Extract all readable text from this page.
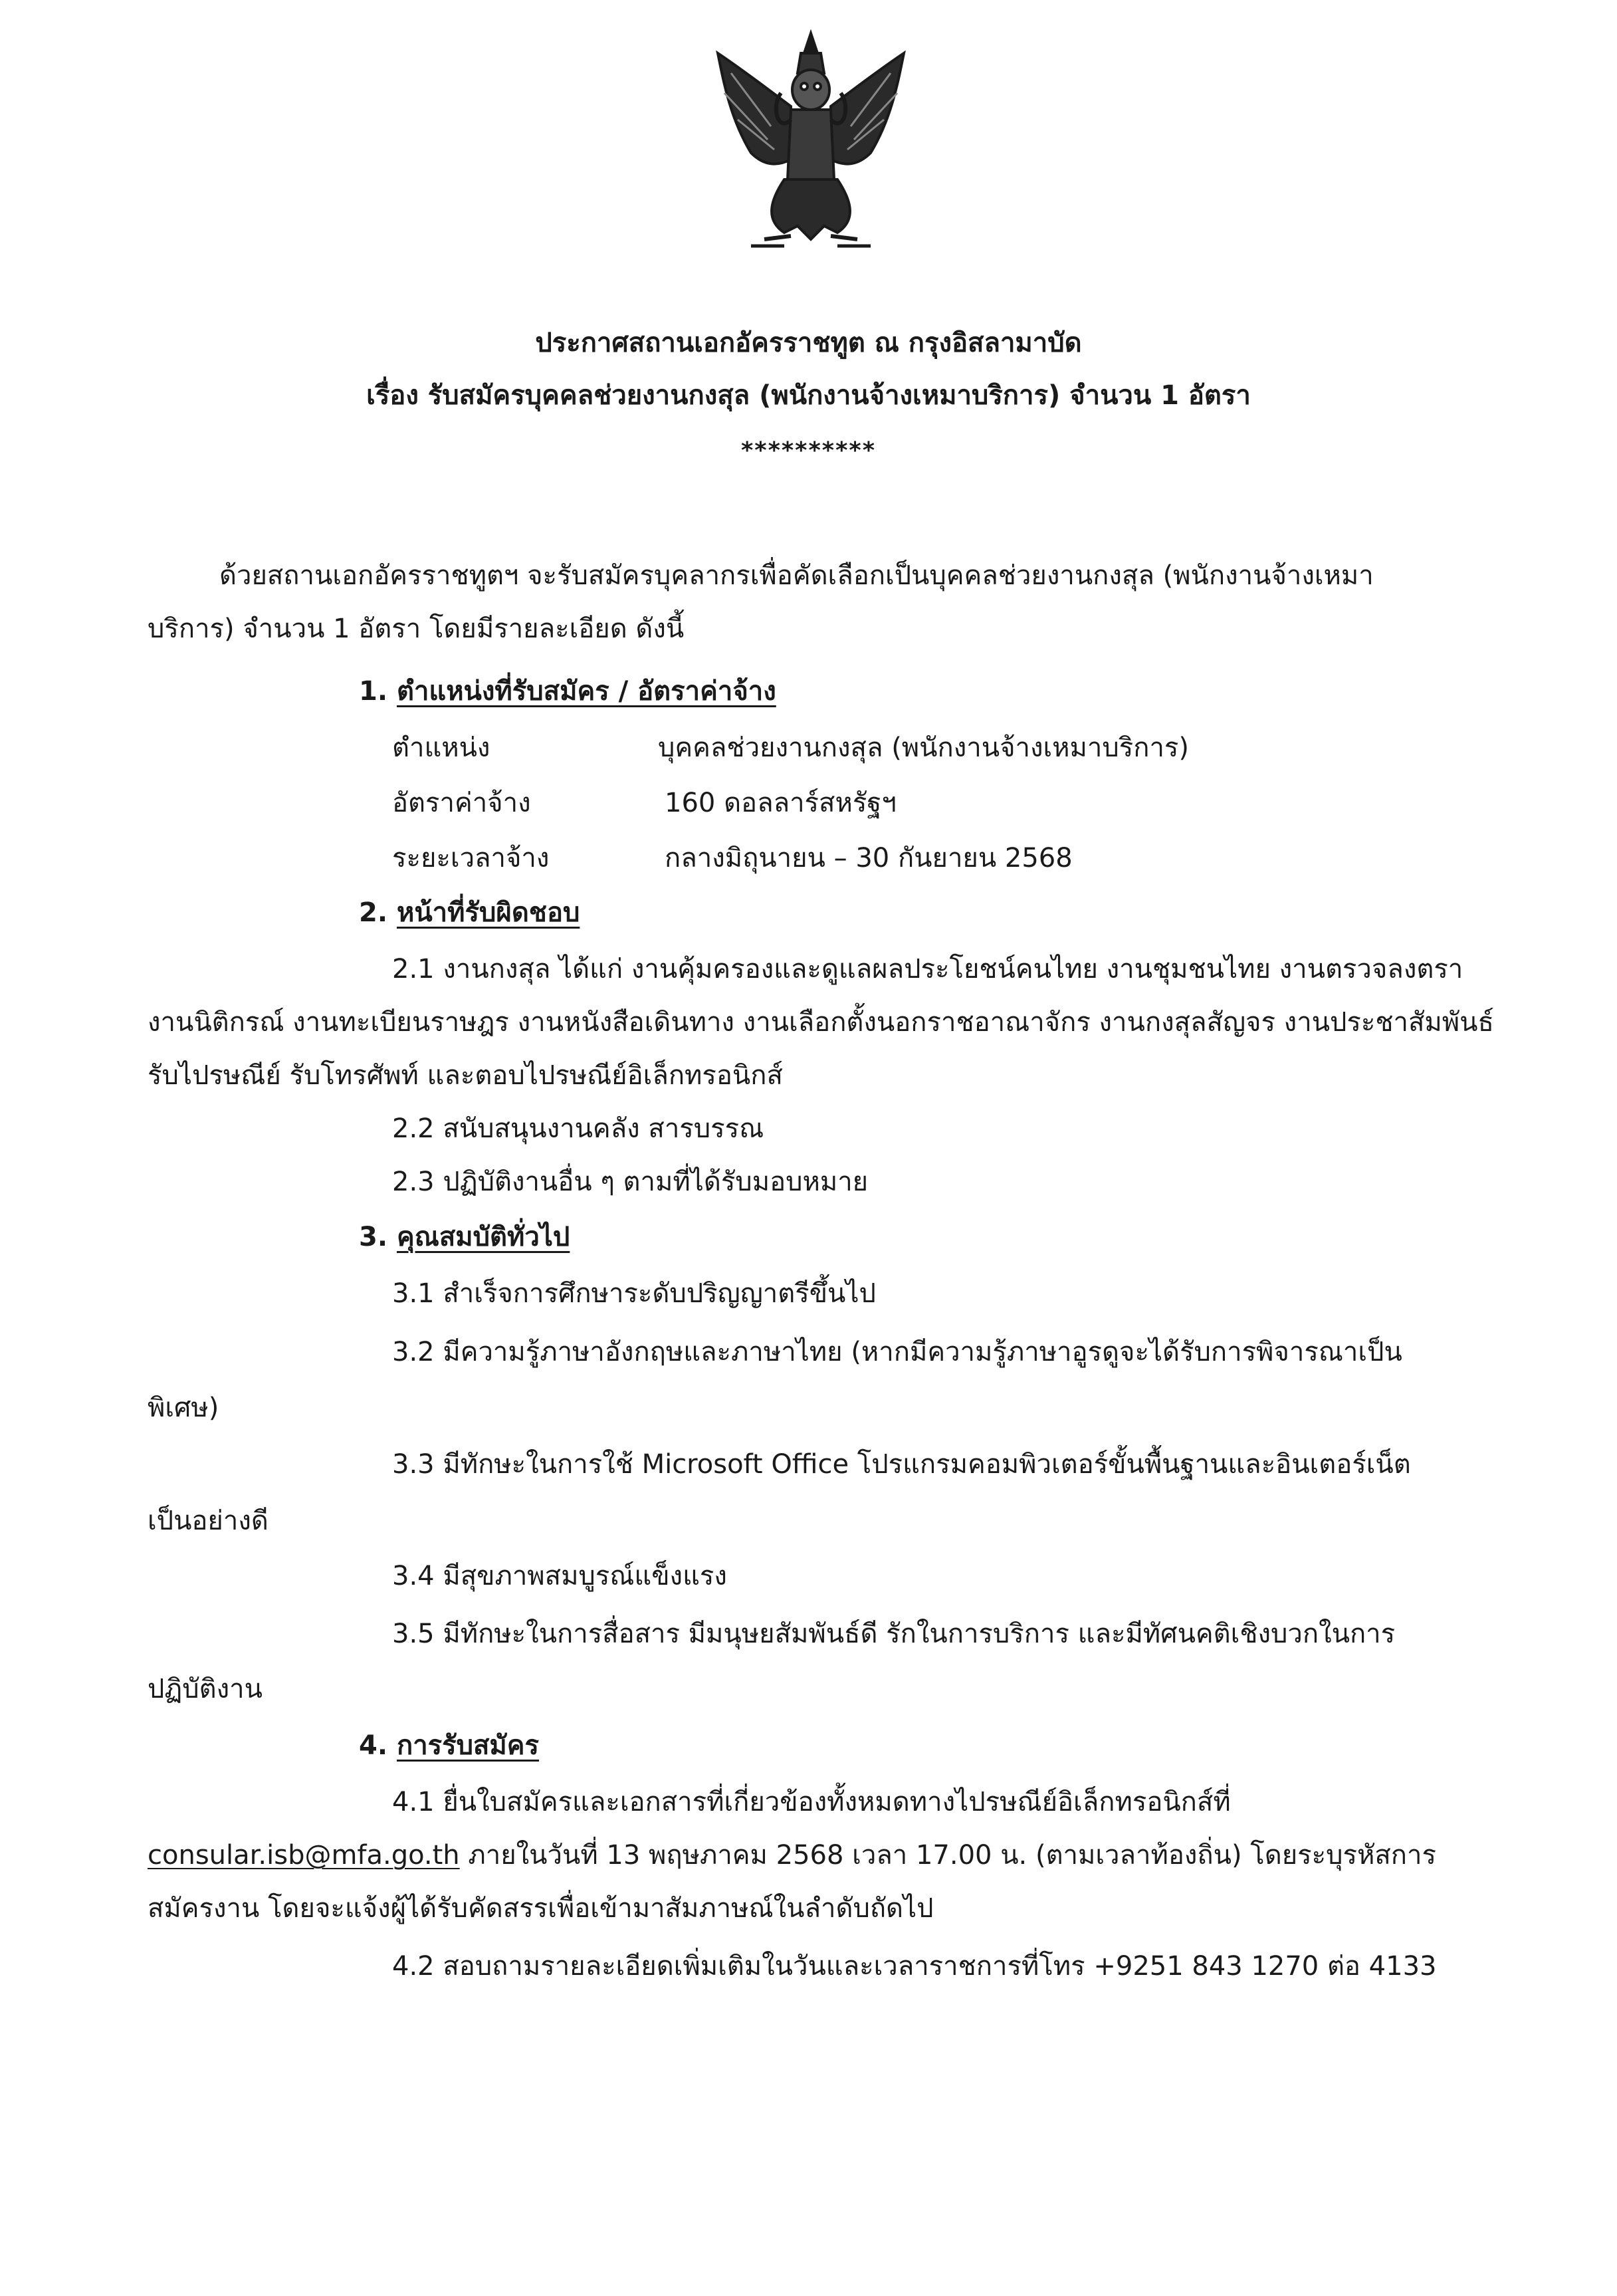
ประกาศสถานเอกอัครราชทูต ณ กรุงอิสลามาบัด
เรื่อง รับสมัครบุคคลช่วยงานกงสุล (พนักงานจ้างเหมาบริการ) จำนวน 1 อัตรา
**********
ด้วยสถานเอกอัครราชทูตฯ จะรับสมัครบุคลากรเพื่อคัดเลือกเป็นบุคคลช่วยงานกงสุล (พนักงานจ้างเหมา
บริการ) จำนวน 1 อัตรา โดยมีรายละเอียด ดังนี้
1. ตำแหน่งที่รับสมัคร / อัตราค่าจ้าง
ตำแหน่ง	บุคคลช่วยงานกงสุล (พนักงานจ้างเหมาบริการ)
อัตราค่าจ้าง	160 ดอลลาร์สหรัฐฯ
ระยะเวลาจ้าง	กลางมิถุนายน – 30 กันยายน 2568
2. หน้าที่รับผิดชอบ
2.1 งานกงสุล ได้แก่ งานคุ้มครองและดูแลผลประโยชน์คนไทย งานชุมชนไทย งานตรวจลงตรา
งานนิติกรณ์ งานทะเบียนราษฎร งานหนังสือเดินทาง งานเลือกตั้งนอกราชอาณาจักร งานกงสุลสัญจร งานประชาสัมพันธ์
รับไปรษณีย์ รับโทรศัพท์ และตอบไปรษณีย์อิเล็กทรอนิกส์
2.2 สนับสนุนงานคลัง สารบรรณ
2.3 ปฏิบัติงานอื่น ๆ ตามที่ได้รับมอบหมาย
3. คุณสมบัติทั่วไป
3.1 สำเร็จการศึกษาระดับปริญญาตรีขึ้นไป
3.2 มีความรู้ภาษาอังกฤษและภาษาไทย (หากมีความรู้ภาษาอูรดูจะได้รับการพิจารณาเป็น
พิเศษ)
3.3 มีทักษะในการใช้ Microsoft Office โปรแกรมคอมพิวเตอร์ขั้นพื้นฐานและอินเตอร์เน็ต
เป็นอย่างดี
3.4 มีสุขภาพสมบูรณ์แข็งแรง
3.5 มีทักษะในการสื่อสาร มีมนุษยสัมพันธ์ดี รักในการบริการ และมีทัศนคติเชิงบวกในการ
ปฏิบัติงาน
4. การรับสมัคร
4.1 ยื่นใบสมัครและเอกสารที่เกี่ยวข้องทั้งหมดทางไปรษณีย์อิเล็กทรอนิกส์ที่
consular.isb@mfa.go.th ภายในวันที่ 13 พฤษภาคม 2568 เวลา 17.00 น. (ตามเวลาท้องถิ่น) โดยระบุรหัสการ
สมัครงาน โดยจะแจ้งผู้ได้รับคัดสรรเพื่อเข้ามาสัมภาษณ์ในลำดับถัดไป
4.2 สอบถามรายละเอียดเพิ่มเติมในวันและเวลาราชการที่โทร +9251 843 1270 ต่อ 4133
